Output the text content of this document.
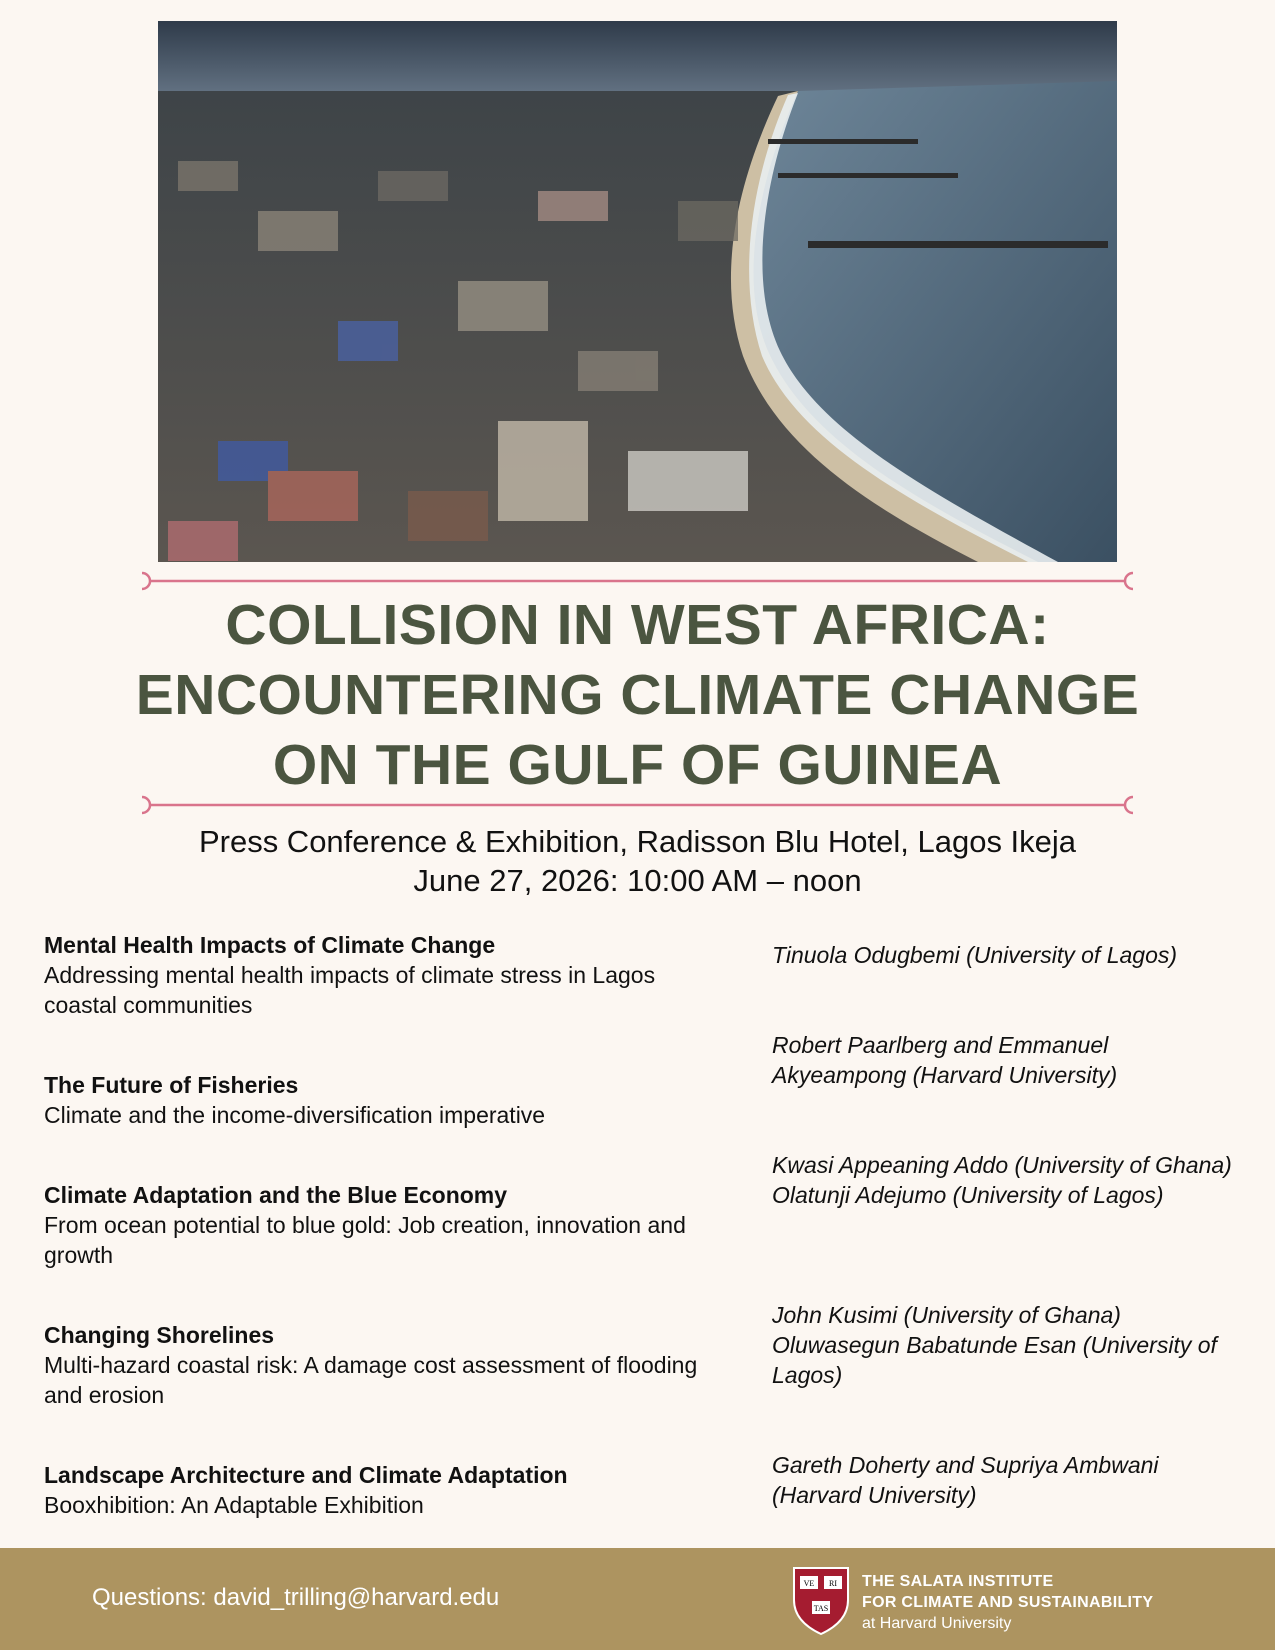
COLLISION IN WEST AFRICA:
ENCOUNTERING CLIMATE CHANGE
ON THE GULF OF GUINEA
Press Conference & Exhibition, Radisson Blu Hotel, Lagos Ikeja
June 27, 2026: 10:00 AM – noon
Mental Health Impacts of Climate Change
Addressing mental health impacts of climate stress in Lagos coastal communities
Tinuola Odugbemi (University of Lagos)
The Future of Fisheries
Climate and the income-diversification imperative
Robert Paarlberg and Emmanuel Akyeampong (Harvard University)
Climate Adaptation and the Blue Economy
From ocean potential to blue gold: Job creation, innovation and growth
Kwasi Appeaning Addo (University of Ghana)
Olatunji Adejumo (University of Lagos)
Changing Shorelines
Multi-hazard coastal risk: A damage cost assessment of flooding and erosion
John Kusimi (University of Ghana)
Oluwasegun Babatunde Esan (University of Lagos)
Landscape Architecture and Climate Adaptation
Booxhibition: An Adaptable Exhibition
Gareth Doherty and Supriya Ambwani (Harvard University)
Questions: david_trilling@harvard.edu
VE RI
TAS
THE SALATA INSTITUTE
FOR CLIMATE AND SUSTAINABILITY
at Harvard University
